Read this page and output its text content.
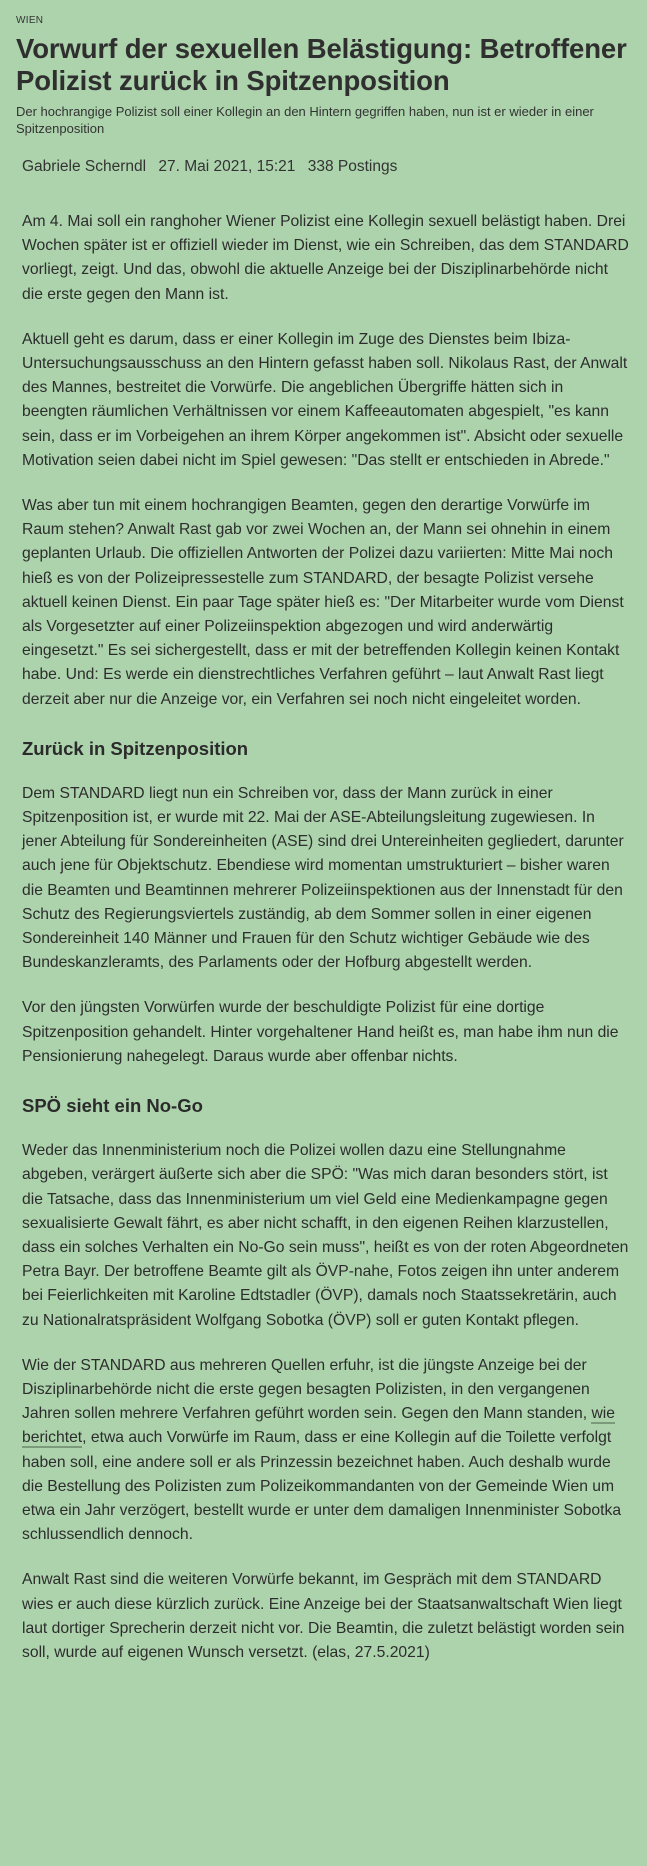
WIEN
Vorwurf der sexuellen Belästigung: Betroffener Polizist zurück in Spitzenposition
Der hochrangige Polizist soll einer Kollegin an den Hintern gegriffen haben, nun ist er wieder in einer Spitzenposition
Gabriele Scherndl 27. Mai 2021, 15:21 338 Postings

Am 4. Mai soll ein ranghoher Wiener Polizist eine Kollegin sexuell belästigt haben. Drei Wochen später ist er offiziell wieder im Dienst, wie ein Schreiben, das dem STANDARD vorliegt, zeigt. Und das, obwohl die aktuelle Anzeige bei der Disziplinarbehörde nicht die erste gegen den Mann ist.

Aktuell geht es darum, dass er einer Kollegin im Zuge des Dienstes beim Ibiza-Untersuchungsausschuss an den Hintern gefasst haben soll. Nikolaus Rast, der Anwalt des Mannes, bestreitet die Vorwürfe. Die angeblichen Übergriffe hätten sich in beengten räumlichen Verhältnissen vor einem Kaffeeautomaten abgespielt, "es kann sein, dass er im Vorbeigehen an ihrem Körper angekommen ist". Absicht oder sexuelle Motivation seien dabei nicht im Spiel gewesen: "Das stellt er entschieden in Abrede."

Was aber tun mit einem hochrangigen Beamten, gegen den derartige Vorwürfe im Raum stehen? Anwalt Rast gab vor zwei Wochen an, der Mann sei ohnehin in einem geplanten Urlaub. Die offiziellen Antworten der Polizei dazu variierten: Mitte Mai noch hieß es von der Polizeipressestelle zum STANDARD, der besagte Polizist versehe aktuell keinen Dienst. Ein paar Tage später hieß es: "Der Mitarbeiter wurde vom Dienst als Vorgesetzter auf einer Polizeiinspektion abgezogen und wird anderwärtig eingesetzt." Es sei sichergestellt, dass er mit der betreffenden Kollegin keinen Kontakt habe. Und: Es werde ein dienstrechtliches Verfahren geführt – laut Anwalt Rast liegt derzeit aber nur die Anzeige vor, ein Verfahren sei noch nicht eingeleitet worden.

Zurück in Spitzenposition

Dem STANDARD liegt nun ein Schreiben vor, dass der Mann zurück in einer Spitzenposition ist, er wurde mit 22. Mai der ASE-Abteilungsleitung zugewiesen. In jener Abteilung für Sondereinheiten (ASE) sind drei Untereinheiten gegliedert, darunter auch jene für Objektschutz. Ebendiese wird momentan umstrukturiert – bisher waren die Beamten und Beamtinnen mehrerer Polizeiinspektionen aus der Innenstadt für den Schutz des Regierungsviertels zuständig, ab dem Sommer sollen in einer eigenen Sondereinheit 140 Männer und Frauen für den Schutz wichtiger Gebäude wie des Bundeskanzleramts, des Parlaments oder der Hofburg abgestellt werden.

Vor den jüngsten Vorwürfen wurde der beschuldigte Polizist für eine dortige Spitzenposition gehandelt. Hinter vorgehaltener Hand heißt es, man habe ihm nun die Pensionierung nahegelegt. Daraus wurde aber offenbar nichts.

SPÖ sieht ein No-Go

Weder das Innenministerium noch die Polizei wollen dazu eine Stellungnahme abgeben, verärgert äußerte sich aber die SPÖ: "Was mich daran besonders stört, ist die Tatsache, dass das Innenministerium um viel Geld eine Medienkampagne gegen sexualisierte Gewalt fährt, es aber nicht schafft, in den eigenen Reihen klarzustellen, dass ein solches Verhalten ein No-Go sein muss", heißt es von der roten Abgeordneten Petra Bayr. Der betroffene Beamte gilt als ÖVP-nahe, Fotos zeigen ihn unter anderem bei Feierlichkeiten mit Karoline Edtstadler (ÖVP), damals noch Staatssekretärin, auch zu Nationalratspräsident Wolfgang Sobotka (ÖVP) soll er guten Kontakt pflegen.

Wie der STANDARD aus mehreren Quellen erfuhr, ist die jüngste Anzeige bei der Disziplinarbehörde nicht die erste gegen besagten Polizisten, in den vergangenen Jahren sollen mehrere Verfahren geführt worden sein. Gegen den Mann standen, wie berichtet, etwa auch Vorwürfe im Raum, dass er eine Kollegin auf die Toilette verfolgt haben soll, eine andere soll er als Prinzessin bezeichnet haben. Auch deshalb wurde die Bestellung des Polizisten zum Polizeikommandanten von der Gemeinde Wien um etwa ein Jahr verzögert, bestellt wurde er unter dem damaligen Innenminister Sobotka schlussendlich dennoch.

Anwalt Rast sind die weiteren Vorwürfe bekannt, im Gespräch mit dem STANDARD wies er auch diese kürzlich zurück. Eine Anzeige bei der Staatsanwaltschaft Wien liegt laut dortiger Sprecherin derzeit nicht vor. Die Beamtin, die zuletzt belästigt worden sein soll, wurde auf eigenen Wunsch versetzt. (elas, 27.5.2021)
